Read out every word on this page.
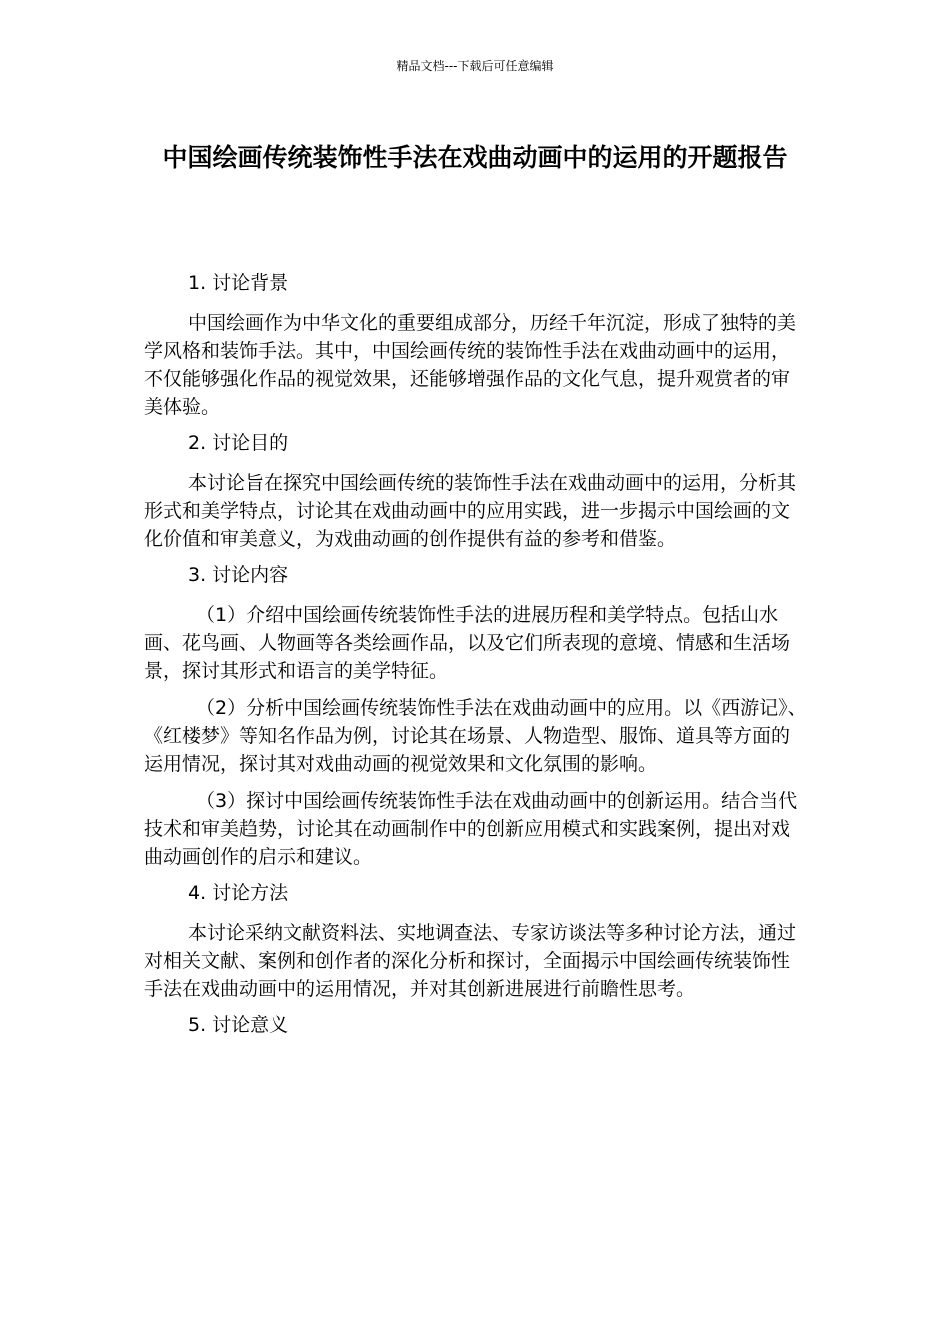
精品文档---下载后可任意编辑
中国绘画传统装饰性手法在戏曲动画中的运用的开题报告
1. 讨论背景

中国绘画作为中华文化的重要组成部分，历经千年沉淀，形成了独特的美学风格和装饰手法。其中，中国绘画传统的装饰性手法在戏曲动画中的运用，不仅能够强化作品的视觉效果，还能够增强作品的文化气息，提升观赏者的审美体验。

2. 讨论目的

本讨论旨在探究中国绘画传统的装饰性手法在戏曲动画中的运用，分析其形式和美学特点，讨论其在戏曲动画中的应用实践，进一步揭示中国绘画的文化价值和审美意义，为戏曲动画的创作提供有益的参考和借鉴。

3. 讨论内容

（1）介绍中国绘画传统装饰性手法的进展历程和美学特点。包括山水画、花鸟画、人物画等各类绘画作品，以及它们所表现的意境、情感和生活场景，探讨其形式和语言的美学特征。

（2）分析中国绘画传统装饰性手法在戏曲动画中的应用。以《西游记》、《红楼梦》等知名作品为例，讨论其在场景、人物造型、服饰、道具等方面的运用情况，探讨其对戏曲动画的视觉效果和文化氛围的影响。

（3）探讨中国绘画传统装饰性手法在戏曲动画中的创新运用。结合当代技术和审美趋势，讨论其在动画制作中的创新应用模式和实践案例，提出对戏曲动画创作的启示和建议。

4. 讨论方法

本讨论采纳文献资料法、实地调查法、专家访谈法等多种讨论方法，通过对相关文献、案例和创作者的深化分析和探讨，全面揭示中国绘画传统装饰性手法在戏曲动画中的运用情况，并对其创新进展进行前瞻性思考。

5. 讨论意义
